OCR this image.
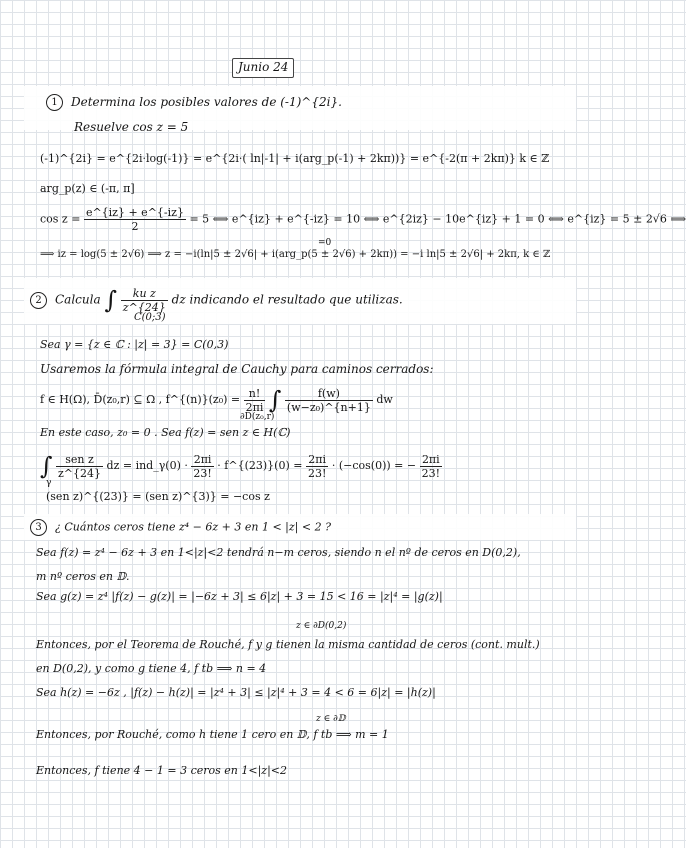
Junio 24
1 Determina los posibles valores de (-1)^{2i}.
Resuelve cos z = 5
(-1)^{2i} = e^{2i·log(-1)} = e^{2i·( ln|-1| + i(arg_p(-1) + 2kπ))} = e^{-2(π + 2kπ)} k ∈ ℤ
arg_p(z) ∈ (-π, π]
$\cos z = \frac{e\^{}\{iz\} + e\^{}\{-iz\}}{2} = 5$ ⟺ e^{iz} + e^{-iz} = 10 ⟺ e^{2iz} − 10e^{iz} + 1 = 0 ⟺ e^{iz} = 5 ± 2√6 ⟹
=0
⟹ iz = log(5 ± 2√6) ⟹ z = −i(ln|5 ± 2√6| + i(arg_p(5 ± 2√6) + 2kπ)) = −i ln|5 ± 2√6| + 2kπ, k ∈ ℤ
2 Calcula ∫ $\frac{\text{ku z}}{z\^{}\{24\}}$ dz indicando el resultado que utilizas.
C(0;3)
Sea γ = {z ∈ ℂ : |z| = 3} = C(0,3)
Usaremos la fórmula integral de Cauchy para caminos cerrados:
f ∈ H(Ω), D̄(z₀,r) ⊆ Ω , f^{(n)}(z₀) = $\frac{n!}{2\pi i}$ ∫ $\frac{f(w)}{\text{(w−z₀)\textasciicircum{}\{n+1\}}}$ dw
∂D(z₀,r)
En este caso, z₀ = 0 . Sea f(z) = sen z ∈ H(ℂ)
∫ $\frac{\text{sen z}}{z\^{}\{24\}}$ dz = ind_γ(0) · $\frac{2\pi i}{23!}$ · f^{(23)}(0) = $\frac{2\pi i}{23!} \cdot (-\cos(0))$ = − $\frac{2\pi i}{23!}$
γ
(sen z)^{(23)} = (sen z)^{3)} = −cos z
3 ¿ Cuántos ceros tiene z⁴ − 6z + 3 en 1 < |z| < 2 ?
Sea f(z) = z⁴ − 6z + 3 en 1<|z|<2 tendrá n−m ceros, siendo n el nº de ceros en D(0,2),
m nº ceros en 𝔻.
Sea g(z) = z⁴ |f(z) − g(z)| = |−6z + 3| ≤ 6|z| + 3 = 15 < 16 = |z|⁴ = |g(z)|
z ∈ ∂D(0,2)
Entonces, por el Teorema de Rouché, f y g tienen la misma cantidad de ceros (cont. mult.)
en D(0,2), y como g tiene 4, f tb ⟹ n = 4
Sea h(z) = −6z , |f(z) − h(z)| = |z⁴ + 3| ≤ |z|⁴ + 3 = 4 < 6 = 6|z| = |h(z)|
z ∈ ∂𝔻
Entonces, por Rouché, como h tiene 1 cero en 𝔻, f tb ⟹ m = 1
Entonces, f tiene 4 − 1 = 3 ceros en 1<|z|<2
